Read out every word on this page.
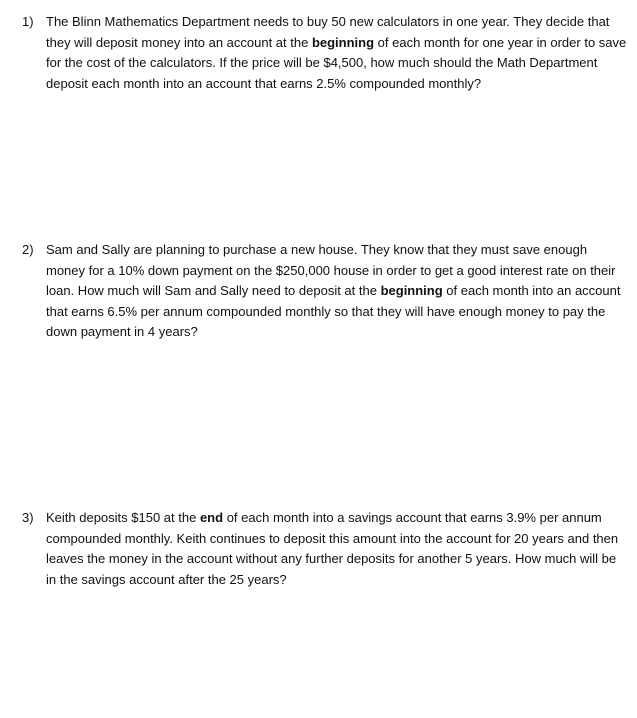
1) The Blinn Mathematics Department needs to buy 50 new calculators in one year. They decide that they will deposit money into an account at the beginning of each month for one year in order to save for the cost of the calculators. If the price will be $4,500, how much should the Math Department deposit each month into an account that earns 2.5% compounded monthly?
2) Sam and Sally are planning to purchase a new house. They know that they must save enough money for a 10% down payment on the $250,000 house in order to get a good interest rate on their loan. How much will Sam and Sally need to deposit at the beginning of each month into an account that earns 6.5% per annum compounded monthly so that they will have enough money to pay the down payment in 4 years?
3) Keith deposits $150 at the end of each month into a savings account that earns 3.9% per annum compounded monthly. Keith continues to deposit this amount into the account for 20 years and then leaves the money in the account without any further deposits for another 5 years. How much will be in the savings account after the 25 years?
